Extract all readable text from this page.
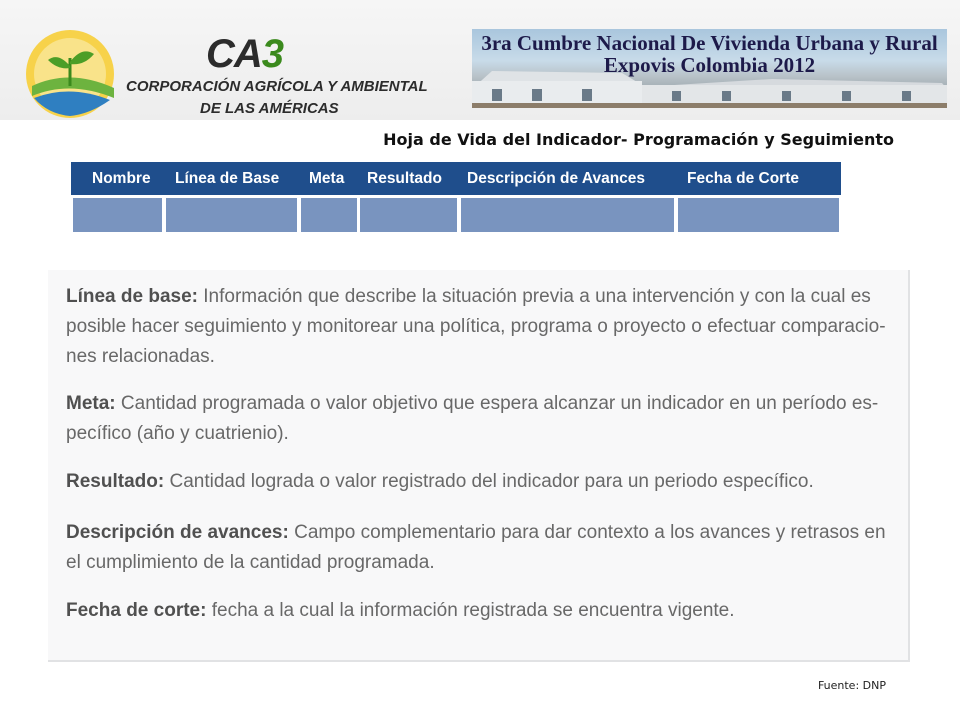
CA3
CORPORACIÓN AGRÍCOLA Y AMBIENTAL
DE LAS AMÉRICAS
3ra Cumbre Nacional De Vivienda Urbana y Rural
Expovis Colombia 2012
Hoja de Vida del Indicador- Programación y Seguimiento
Nombre Línea de Base Meta Resultado Descripción de Avances	Fecha de Corte
Línea de base: Información que describe la situación previa a una intervención y con la cual es
posible hacer seguimiento y monitorear una política, programa o proyecto o efectuar comparacio-
nes relacionadas.
Meta: Cantidad programada o valor objetivo que espera alcanzar un indicador en un período es-
pecífico (año y cuatrienio).
Resultado: Cantidad lograda o valor registrado del indicador para un periodo específico.
Descripción de avances: Campo complementario para dar contexto a los avances y retrasos en
el cumplimiento de la cantidad programada.
Fecha de corte: fecha a la cual la información registrada se encuentra vigente.
Fuente: DNP
